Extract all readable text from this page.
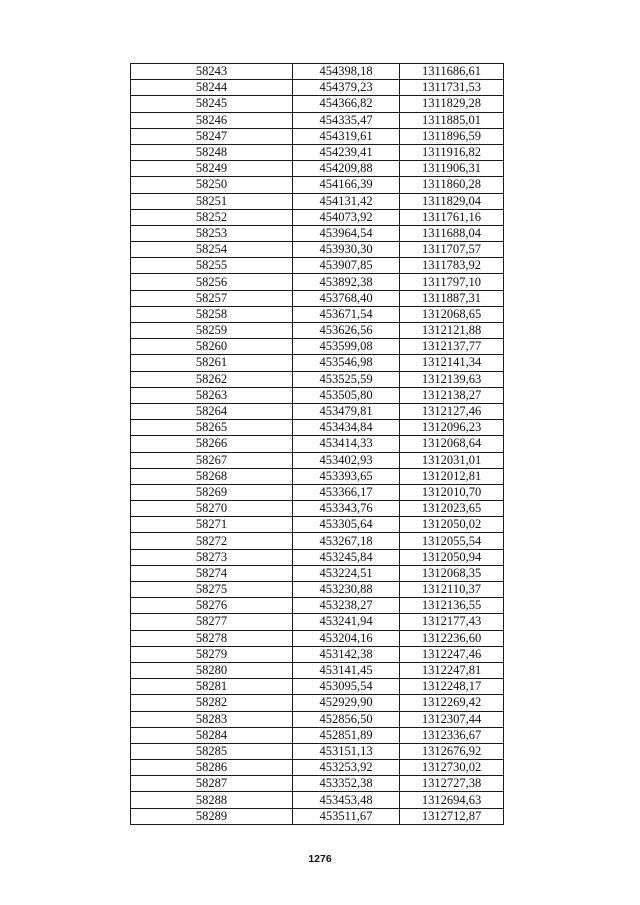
58243	454398,18	1311686,61
58244	454379,23	1311731,53
58245	454366,82	1311829,28
58246	454335,47	1311885,01
58247	454319,61	1311896,59
58248	454239,41	1311916,82
58249	454209,88	1311906,31
58250	454166,39	1311860,28
58251	454131,42	1311829,04
58252	454073,92	1311761,16
58253	453964,54	1311688,04
58254	453930,30	1311707,57
58255	453907,85	1311783,92
58256	453892,38	1311797,10
58257	453768,40	1311887,31
58258	453671,54	1312068,65
58259	453626,56	1312121,88
58260	453599,08	1312137,77
58261	453546,98	1312141,34
58262	453525,59	1312139,63
58263	453505,80	1312138,27
58264	453479,81	1312127,46
58265	453434,84	1312096,23
58266	453414,33	1312068,64
58267	453402,93	1312031,01
58268	453393,65	1312012,81
58269	453366,17	1312010,70
58270	453343,76	1312023,65
58271	453305,64	1312050,02
58272	453267,18	1312055,54
58273	453245,84	1312050,94
58274	453224,51	1312068,35
58275	453230,88	1312110,37
58276	453238,27	1312136,55
58277	453241,94	1312177,43
58278	453204,16	1312236,60
58279	453142,38	1312247,46
58280	453141,45	1312247,81
58281	453095,54	1312248,17
58282	452929,90	1312269,42
58283	452856,50	1312307,44
58284	452851,89	1312336,67
58285	453151,13	1312676,92
58286	453253,92	1312730,02
58287	453352,38	1312727,38
58288	453453,48	1312694,63
58289	453511,67	1312712,87
1276
